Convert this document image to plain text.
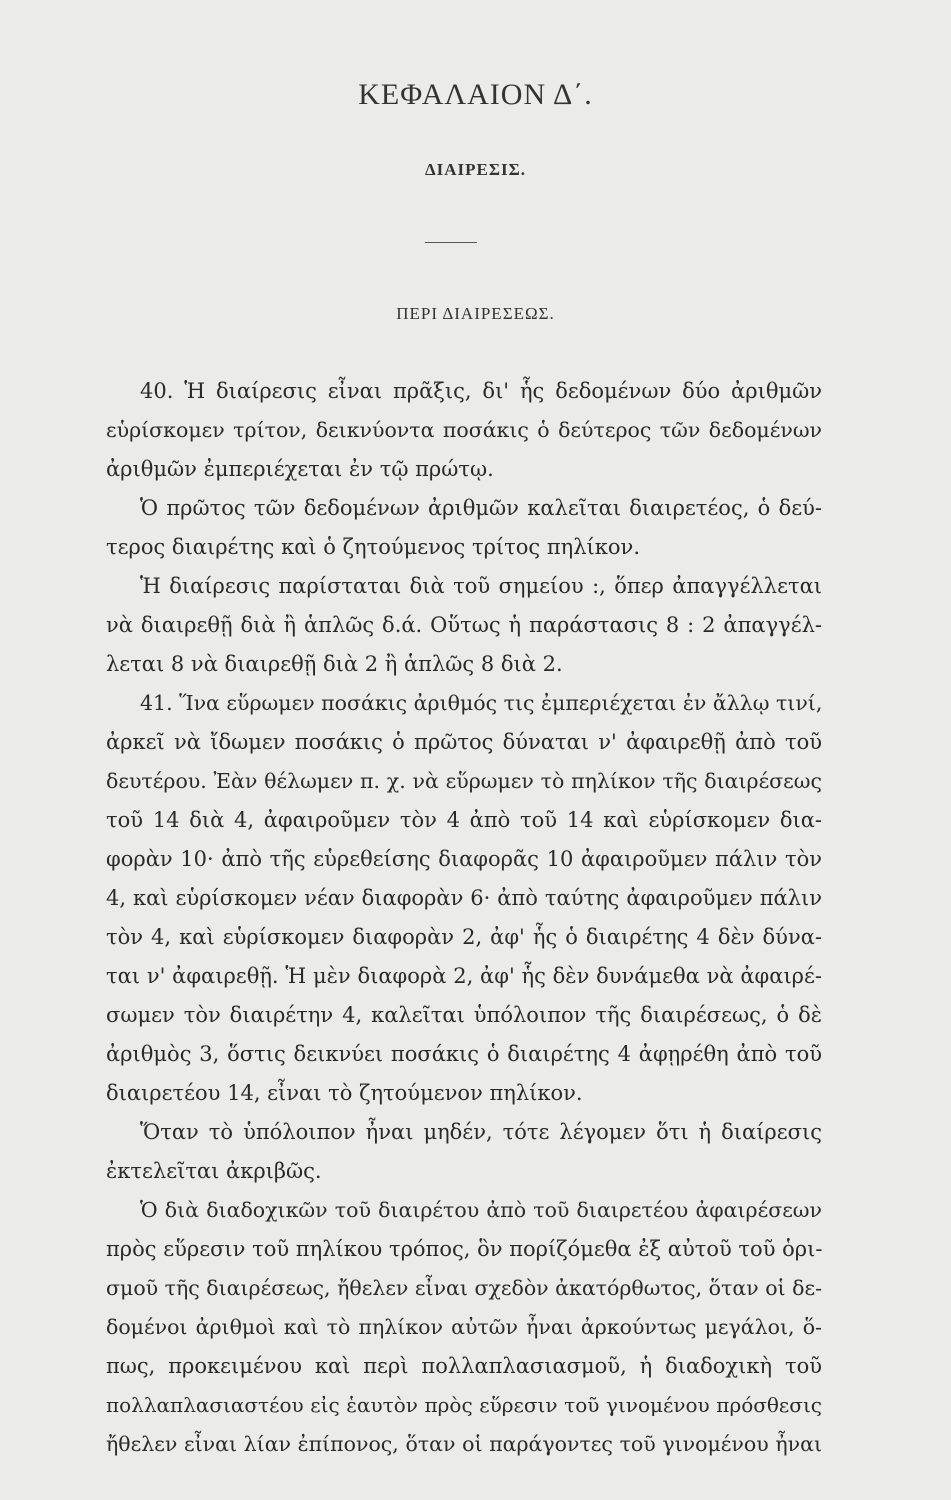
ΚΕΦΑΛΑΙΟΝ Δ΄.
ΔΙΑΙΡΕΣΙΣ.
ΠΕΡΙ ΔΙΑΙΡΕΣΕΩΣ.
40. Ἡ διαίρεσις εἶναι πρᾶξις, δι' ἧς δεδομένων δύο ἀριθμῶν
εὑρίσκομεν τρίτον, δεικνύοντα ποσάκις ὁ δεύτερος τῶν δεδομένων
ἀριθμῶν ἐμπεριέχεται ἐν τῷ πρώτῳ.
Ὁ πρῶτος τῶν δεδομένων ἀριθμῶν καλεῖται διαιρετέος, ὁ δεύ-
τερος διαιρέτης καὶ ὁ ζητούμενος τρίτος πηλίκον.
Ἡ διαίρεσις παρίσταται διὰ τοῦ σημείου :, ὅπερ ἀπαγγέλλεται
νὰ διαιρεθῇ διὰ ἢ ἁπλῶς δ.ά. Οὕτως ἡ παράστασις 8 : 2 ἀπαγγέλ-
λεται 8 νὰ διαιρεθῇ διὰ 2 ἢ ἁπλῶς 8 διὰ 2.
41. Ἵνα εὕρωμεν ποσάκις ἀριθμός τις ἐμπεριέχεται ἐν ἄλλῳ τινί,
ἀρκεῖ νὰ ἴδωμεν ποσάκις ὁ πρῶτος δύναται ν' ἀφαιρεθῇ ἀπὸ τοῦ
δευτέρου. Ἐὰν θέλωμεν π. χ. νὰ εὕρωμεν τὸ πηλίκον τῆς διαιρέσεως
τοῦ 14 διὰ 4, ἀφαιροῦμεν τὸν 4 ἀπὸ τοῦ 14 καὶ εὑρίσκομεν δια-
φορὰν 10· ἀπὸ τῆς εὑρεθείσης διαφορᾶς 10 ἀφαιροῦμεν πάλιν τὸν
4, καὶ εὑρίσκομεν νέαν διαφορὰν 6· ἀπὸ ταύτης ἀφαιροῦμεν πάλιν
τὸν 4, καὶ εὑρίσκομεν διαφορὰν 2, ἀφ' ἧς ὁ διαιρέτης 4 δὲν δύνα-
ται ν' ἀφαιρεθῇ. Ἡ μὲν διαφορὰ 2, ἀφ' ἧς δὲν δυνάμεθα νὰ ἀφαιρέ-
σωμεν τὸν διαιρέτην 4, καλεῖται ὑπόλοιπον τῆς διαιρέσεως, ὁ δὲ
ἀριθμὸς 3, ὅστις δεικνύει ποσάκις ὁ διαιρέτης 4 ἀφῃρέθη ἀπὸ τοῦ
διαιρετέου 14, εἶναι τὸ ζητούμενον πηλίκον.
Ὅταν τὸ ὑπόλοιπον ἦναι μηδέν, τότε λέγομεν ὅτι ἡ διαίρεσις
ἐκτελεῖται ἀκριβῶς.
Ὁ διὰ διαδοχικῶν τοῦ διαιρέτου ἀπὸ τοῦ διαιρετέου ἀφαιρέσεων
πρὸς εὕρεσιν τοῦ πηλίκου τρόπος, ὃν πορίζόμεθα ἐξ αὐτοῦ τοῦ ὁρι-
σμοῦ τῆς διαιρέσεως, ἤθελεν εἶναι σχεδὸν ἀκατόρθωτος, ὅταν οἱ δε-
δομένοι ἀριθμοὶ καὶ τὸ πηλίκον αὐτῶν ἦναι ἀρκούντως μεγάλοι, ὅ-
πως, προκειμένου καὶ περὶ πολλαπλασιασμοῦ, ἡ διαδοχικὴ τοῦ
πολλαπλασιαστέου εἰς ἑαυτὸν πρὸς εὕρεσιν τοῦ γινομένου πρόσθεσις
ἤθελεν εἶναι λίαν ἐπίπονος, ὅταν οἱ παράγοντες τοῦ γινομένου ἦναι
